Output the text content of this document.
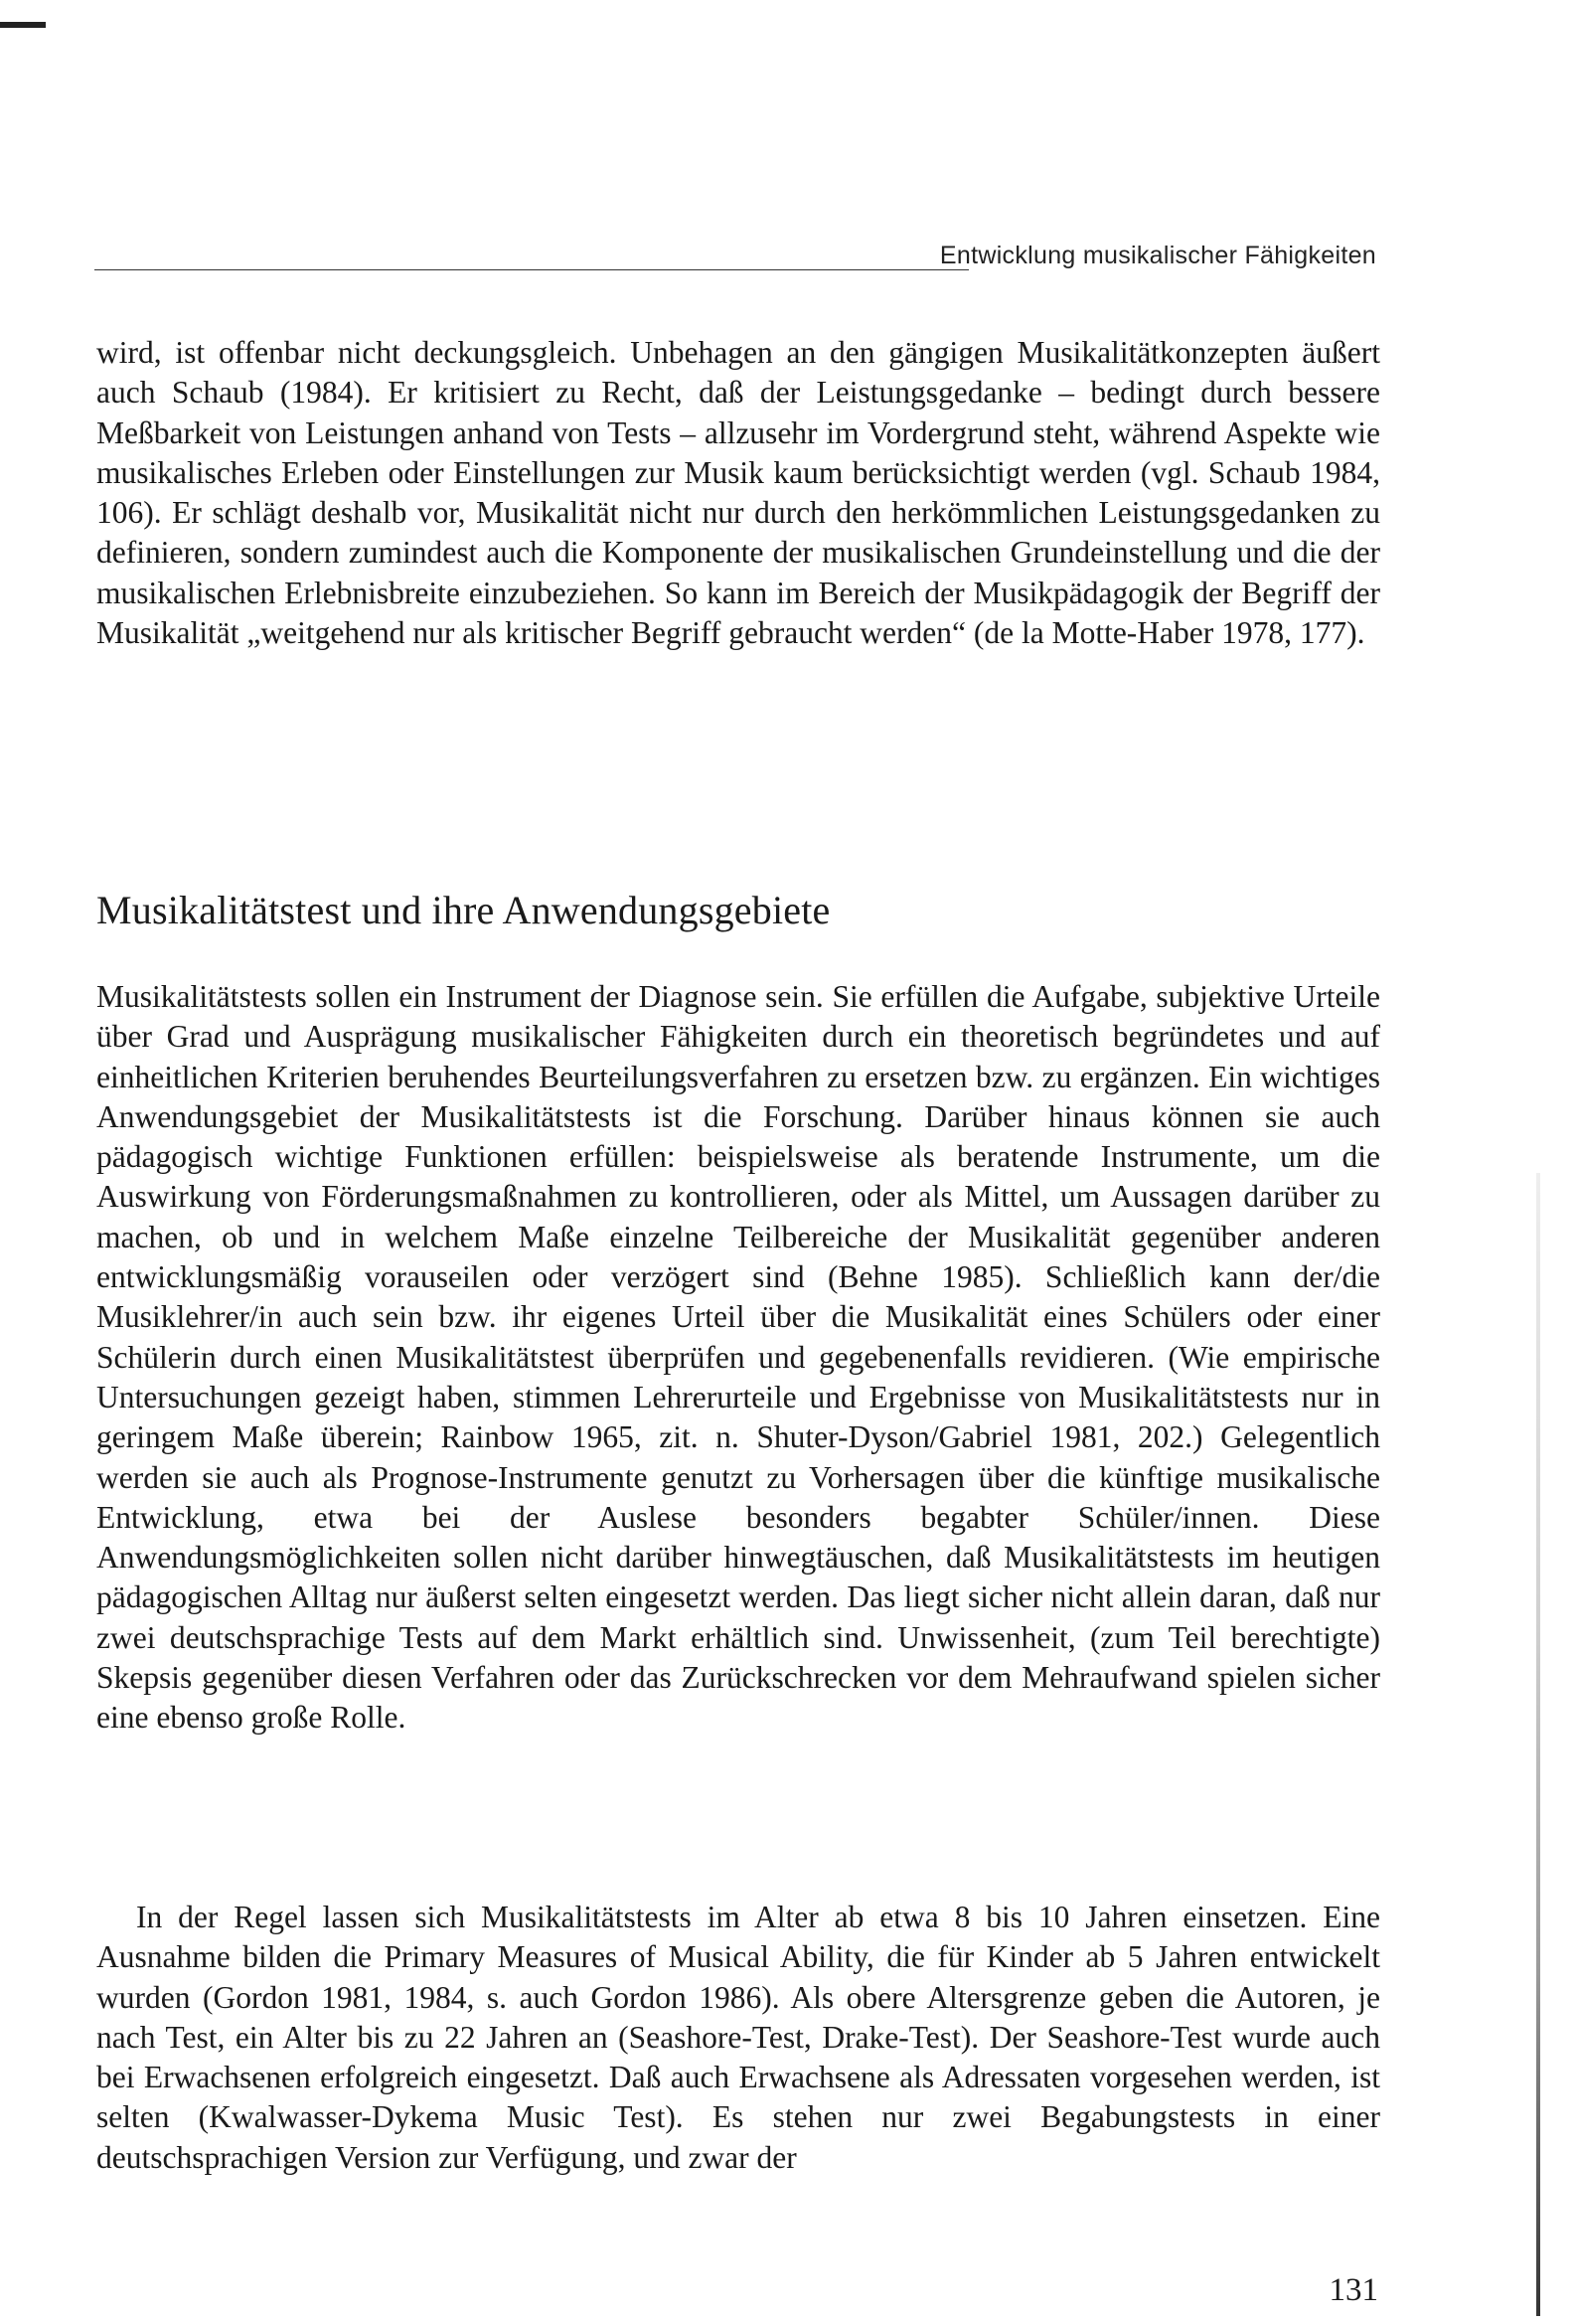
Entwicklung musikalischer Fähigkeiten

wird, ist offenbar nicht deckungsgleich. Unbehagen an den gängigen Musikalitätkonzepten äußert auch Schaub (1984). Er kritisiert zu Recht, daß der Leistungsgedanke – bedingt durch bessere Meßbarkeit von Leistungen anhand von Tests – allzusehr im Vordergrund steht, während Aspekte wie musikalisches Erleben oder Einstellungen zur Musik kaum berücksichtigt werden (vgl. Schaub 1984, 106). Er schlägt deshalb vor, Musikalität nicht nur durch den herkömmlichen Leistungsgedanken zu definieren, sondern zumindest auch die Komponente der musikalischen Grundeinstellung und die der musikalischen Erlebnisbreite einzubeziehen. So kann im Bereich der Musikpädagogik der Begriff der Musikalität „weitgehend nur als kritischer Begriff gebraucht werden“ (de la Motte-Haber 1978, 177).

Musikalitätstest und ihre Anwendungsgebiete

Musikalitätstests sollen ein Instrument der Diagnose sein. Sie erfüllen die Aufgabe, subjektive Urteile über Grad und Ausprägung musikalischer Fähigkeiten durch ein theoretisch begründetes und auf einheitlichen Kriterien beruhendes Beurteilungsverfahren zu ersetzen bzw. zu ergänzen. Ein wichtiges Anwendungsgebiet der Musikalitätstests ist die Forschung. Darüber hinaus können sie auch pädagogisch wichtige Funktionen erfüllen: beispielsweise als beratende Instrumente, um die Auswirkung von Förderungsmaßnahmen zu kontrollieren, oder als Mittel, um Aussagen darüber zu machen, ob und in welchem Maße einzelne Teilbereiche der Musikalität gegenüber anderen entwicklungsmäßig vorauseilen oder verzögert sind (Behne 1985). Schließlich kann der/die Musiklehrer/in auch sein bzw. ihr eigenes Urteil über die Musikalität eines Schülers oder einer Schülerin durch einen Musikalitätstest überprüfen und gegebenenfalls revidieren. (Wie empirische Untersuchungen gezeigt haben, stimmen Lehrerurteile und Ergebnisse von Musikalitätstests nur in geringem Maße überein; Rainbow 1965, zit. n. Shuter-Dyson/Gabriel 1981, 202.) Gelegentlich werden sie auch als Prognose-Instrumente genutzt zu Vorhersagen über die künftige musikalische Entwicklung, etwa bei der Auslese besonders begabter Schüler/innen. Diese Anwendungsmöglichkeiten sollen nicht darüber hinwegtäuschen, daß Musikalitätstests im heutigen pädagogischen Alltag nur äußerst selten eingesetzt werden. Das liegt sicher nicht allein daran, daß nur zwei deutschsprachige Tests auf dem Markt erhältlich sind. Unwissenheit, (zum Teil berechtigte) Skepsis gegenüber diesen Verfahren oder das Zurückschrecken vor dem Mehraufwand spielen sicher eine ebenso große Rolle.

In der Regel lassen sich Musikalitätstests im Alter ab etwa 8 bis 10 Jahren einsetzen. Eine Ausnahme bilden die Primary Measures of Musical Ability, die für Kinder ab 5 Jahren entwickelt wurden (Gordon 1981, 1984, s. auch Gordon 1986). Als obere Altersgrenze geben die Autoren, je nach Test, ein Alter bis zu 22 Jahren an (Seashore-Test, Drake-Test). Der Seashore-Test wurde auch bei Erwachsenen erfolgreich eingesetzt. Daß auch Erwachsene als Adressaten vorgesehen werden, ist selten (Kwalwasser-Dykema Music Test). Es stehen nur zwei Begabungstests in einer deutschsprachigen Version zur Verfügung, und zwar der

131
